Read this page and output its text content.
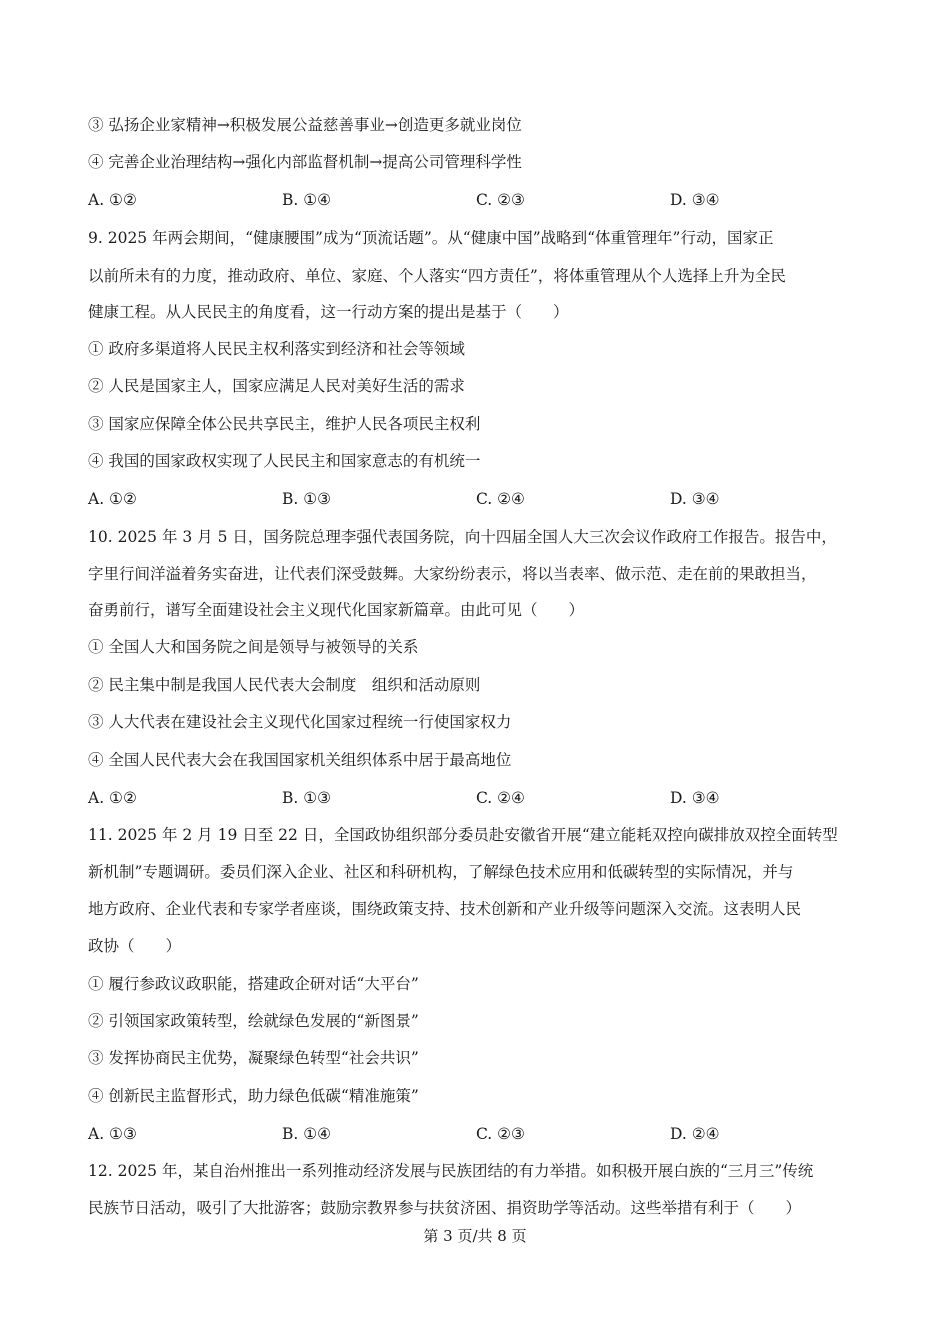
③ 弘扬企业家精神→积极发展公益慈善事业→创造更多就业岗位
④ 完善企业治理结构→强化内部监督机制→提高公司管理科学性
A. ①②	B. ①④	C. ②③	D. ③④
9. 2025 年两会期间，“健康腰围”成为“顶流话题”。从“健康中国”战略到“体重管理年”行动，国家正
以前所未有的力度，推动政府、单位、家庭、个人落实“四方责任”，将体重管理从个人选择上升为全民
健康工程。从人民民主的角度看，这一行动方案的提出是基于（　　）
① 政府多渠道将人民民主权利落实到经济和社会等领域
② 人民是国家主人，国家应满足人民对美好生活的需求
③ 国家应保障全体公民共享民主，维护人民各项民主权利
④ 我国的国家政权实现了人民民主和国家意志的有机统一
A. ①②	B. ①③	C. ②④	D. ③④
10. 2025 年 3 月 5 日，国务院总理李强代表国务院，向十四届全国人大三次会议作政府工作报告。报告中，
字里行间洋溢着务实奋进，让代表们深受鼓舞。大家纷纷表示，将以当表率、做示范、走在前的果敢担当，
奋勇前行，谱写全面建设社会主义现代化国家新篇章。由此可见（　　）
① 全国人大和国务院之间是领导与被领导的关系
② 民主集中制是我国人民代表大会制度　组织和活动原则
③ 人大代表在建设社会主义现代化国家过程统一行使国家权力
④ 全国人民代表大会在我国国家机关组织体系中居于最高地位
A. ①②	B. ①③	C. ②④	D. ③④
11. 2025 年 2 月 19 日至 22 日，全国政协组织部分委员赴安徽省开展“建立能耗双控向碳排放双控全面转型
新机制”专题调研。委员们深入企业、社区和科研机构，了解绿色技术应用和低碳转型的实际情况，并与
地方政府、企业代表和专家学者座谈，围绕政策支持、技术创新和产业升级等问题深入交流。这表明人民
政协（　　）
① 履行参政议政职能，搭建政企研对话“大平台”
② 引领国家政策转型，绘就绿色发展的“新图景”
③ 发挥协商民主优势，凝聚绿色转型“社会共识”
④ 创新民主监督形式，助力绿色低碳“精准施策”
A. ①③	B. ①④	C. ②③	D. ②④
12. 2025 年，某自治州推出一系列推动经济发展与民族团结的有力举措。如积极开展白族的“三月三”传统
民族节日活动，吸引了大批游客；鼓励宗教界参与扶贫济困、捐资助学等活动。这些举措有利于（　　）
第 3 页/共 8 页
